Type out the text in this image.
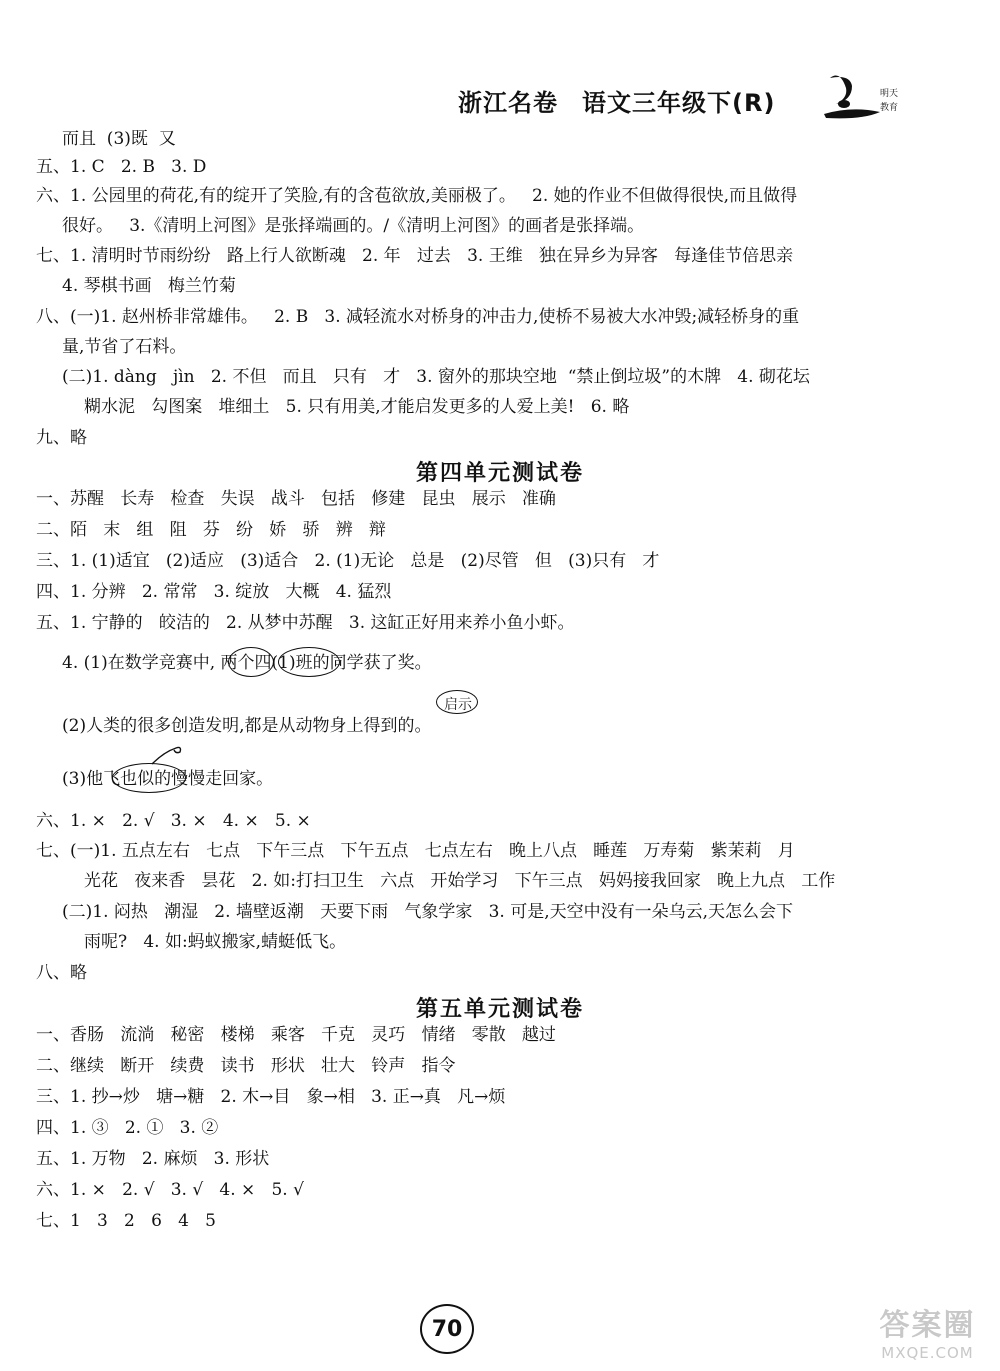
浙江名卷 语文三年级下(R)	明天
教育
而且  (3)既  又
五、1. C   2. B   3. D
六、1. 公园里的荷花,有的绽开了笑脸,有的含苞欲放,美丽极了。   2. 她的作业不但做得很快,而且做得
很好。   3.《清明上河图》是张择端画的。/《清明上河图》的画者是张择端。
七、1. 清明时节雨纷纷   路上行人欲断魂   2. 年   过去   3. 王维   独在异乡为异客   每逢佳节倍思亲
4. 琴棋书画   梅兰竹菊
八、(一)1. 赵州桥非常雄伟。   2. B   3. 减轻流水对桥身的冲击力,使桥不易被大水冲毁;减轻桥身的重
量,节省了石料。
(二)1. dàng   jìn   2. 不但   而且   只有   才   3. 窗外的那块空地  “禁止倒垃圾”的木牌   4. 砌花坛
糊水泥   勾图案   堆细土   5. 只有用美,才能启发更多的人爱上美!   6. 略
九、略
第四单元测试卷
一、苏醒   长寿   检查   失误   战斗   包括   修建   昆虫   展示   准确
二、陌   末   组   阻   芬   纷   娇   骄   辨   辩
三、1. (1)适宜   (2)适应   (3)适合   2. (1)无论   总是   (2)尽管   但   (3)只有   才
四、1. 分辨   2. 常常   3. 绽放   大概   4. 猛烈
五、1. 宁静的   皎洁的   2. 从梦中苏醒   3. 这缸正好用来养小鱼小虾。
4. (1)在数学竞赛中, 两个四(1)班的同学获了奖。
启示
(2)人类的很多创造发明,都是从动物身上得到的。
(3)他飞也似的慢慢走回家。
六、1. ×   2. √   3. ×   4. ×   5. ×
七、(一)1. 五点左右   七点   下午三点   下午五点   七点左右   晚上八点   睡莲   万寿菊   紫茉莉   月
光花   夜来香   昙花   2. 如:打扫卫生   六点   开始学习   下午三点   妈妈接我回家   晚上九点   工作
(二)1. 闷热   潮湿   2. 墙壁返潮   天要下雨   气象学家   3. 可是,天空中没有一朵乌云,天怎么会下
雨呢?   4. 如:蚂蚁搬家,蜻蜓低飞。
八、略
第五单元测试卷
一、香肠   流淌   秘密   楼梯   乘客   千克   灵巧   情绪   零散   越过
二、继续   断开   续费   读书   形状   壮大   铃声   指令
三、1. 抄→炒   塘→糖   2. 木→目   象→相   3. 正→真   凡→烦
四、1. ③   2. ①   3. ②
五、1. 万物   2. 麻烦   3. 形状
六、1. ×   2. √   3. √   4. ×   5. √
七、1   3   2   6   4   5
70	答案圈
MXQE.COM
